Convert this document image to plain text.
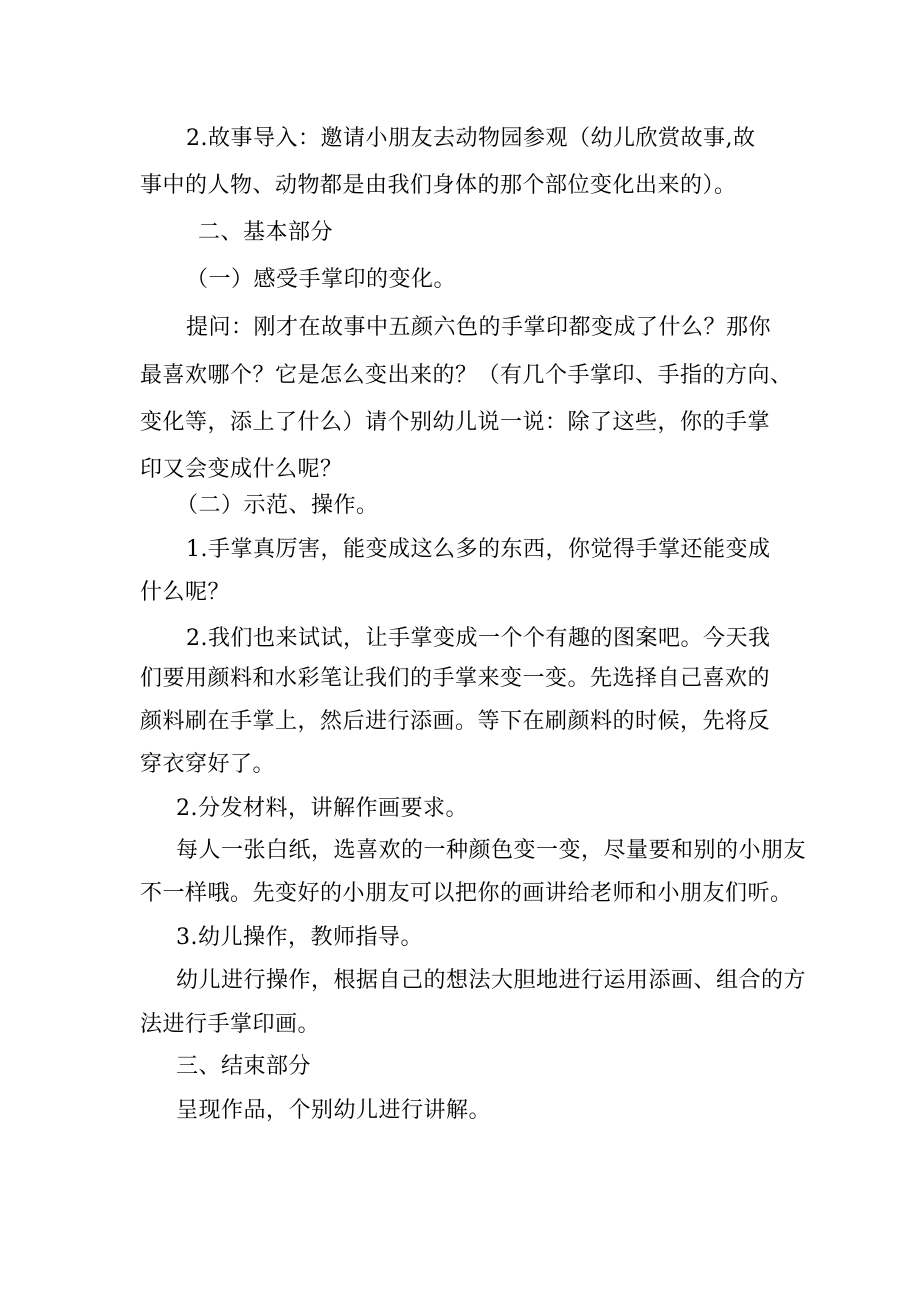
2.故事导入：邀请小朋友去动物园参观（幼儿欣赏故事,故
事中的人物、动物都是由我们身体的那个部位变化出来的）。
二、基本部分
（一）感受手掌印的变化。
提问：刚才在故事中五颜六色的手掌印都变成了什么？那你
最喜欢哪个？它是怎么变出来的？（有几个手掌印、手指的方向、
变化等，添上了什么）请个别幼儿说一说：除了这些，你的手掌
印又会变成什么呢？
（二）示范、操作。
1.手掌真厉害，能变成这么多的东西，你觉得手掌还能变成
什么呢？
2.我们也来试试，让手掌变成一个个有趣的图案吧。今天我
们要用颜料和水彩笔让我们的手掌来变一变。先选择自己喜欢的
颜料刷在手掌上，然后进行添画。等下在刷颜料的时候，先将反
穿衣穿好了。
2.分发材料，讲解作画要求。
每人一张白纸，选喜欢的一种颜色变一变，尽量要和别的小朋友
不一样哦。先变好的小朋友可以把你的画讲给老师和小朋友们听。
3.幼儿操作，教师指导。
幼儿进行操作，根据自己的想法大胆地进行运用添画、组合的方
法进行手掌印画。
三、结束部分
呈现作品，个别幼儿进行讲解。
